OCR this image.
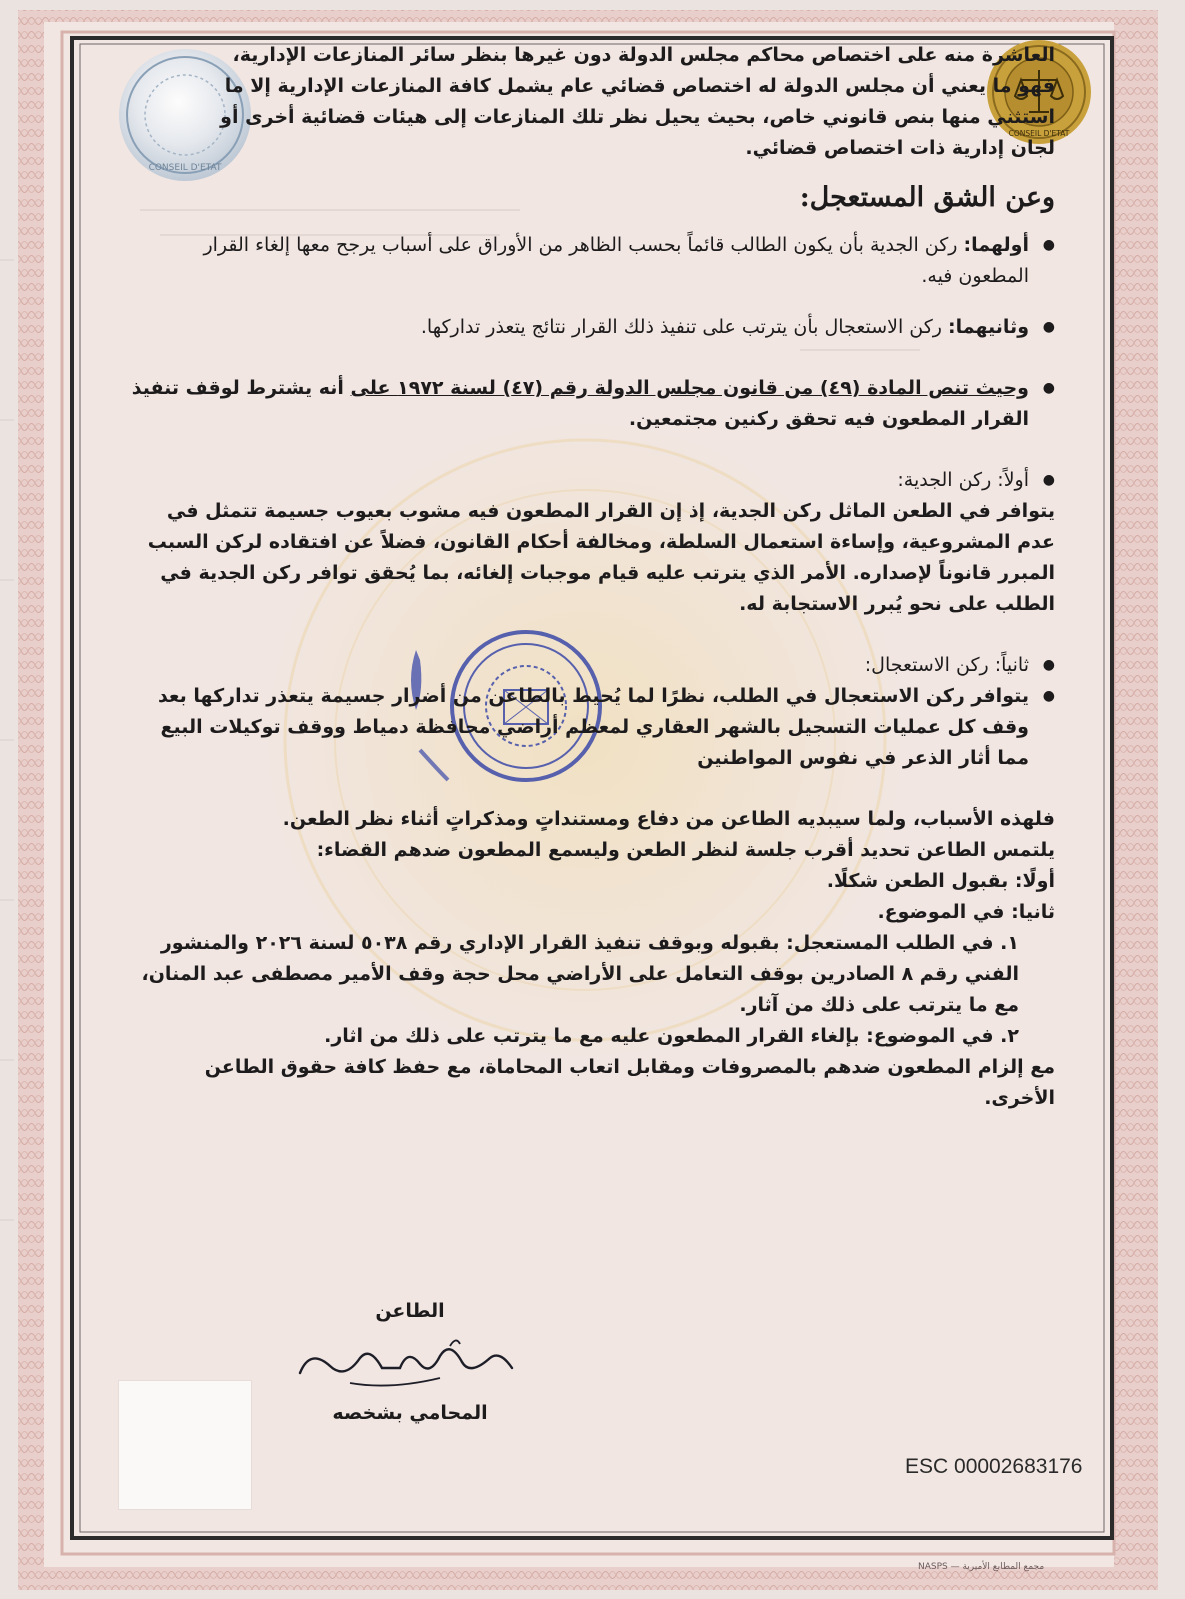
CONSEIL D'ETAT
CONSEIL D'ETAT

العاشرة منه على اختصاص محاكم مجلس الدولة دون غيرها بنظر سائر المنازعات الإدارية،

فهو ما يعني أن مجلس الدولة له اختصاص قضائي عام يشمل كافة المنازعات الإدارية إلا ما

استثني منها بنص قانوني خاص، بحيث يحيل نظر تلك المنازعات إلى هيئات قضائية أخرى أو

لجان إدارية ذات اختصاص قضائي.

وعن الشق المستعجل:

● أولهما: ركن الجدية بأن يكون الطالب قائماً بحسب الظاهر من الأوراق على أسباب يرجح معها إلغاء القرار المطعون فيه.

● وثانيهما: ركن الاستعجال بأن يترتب على تنفيذ ذلك القرار نتائج يتعذر تداركها.

● وحيث تنص المادة (٤٩) من قانون مجلس الدولة رقم (٤٧) لسنة ١٩٧٢ على أنه يشترط لوقف تنفيذ القرار المطعون فيه تحقق ركنين مجتمعين.

● أولاً: ركن الجدية:

يتوافر في الطعن الماثل ركن الجدية، إذ إن القرار المطعون فيه مشوب بعيوب جسيمة تتمثل في عدم المشروعية، وإساءة استعمال السلطة، ومخالفة أحكام القانون، فضلاً عن افتقاده لركن السبب المبرر قانوناً لإصداره. الأمر الذي يترتب عليه قيام موجبات إلغائه، بما يُحقق توافر ركن الجدية في الطلب على نحو يُبرر الاستجابة له.

● ثانياً: ركن الاستعجال:

● يتوافر ركن الاستعجال في الطلب، نظرًا لما يُحيط بالطاعن من أضرار جسيمة يتعذر تداركها بعد وقف كل عمليات التسجيل بالشهر العقاري لمعظم أراضي محافظة دمياط ووقف توكيلات البيع مما أثار الذعر في نفوس المواطنين

فلهذه الأسباب، ولما سيبديه الطاعن من دفاع ومستنداتٍ ومذكراتٍ أثناء نظر الطعن.

يلتمس الطاعن تحديد أقرب جلسة لنظر الطعن وليسمع المطعون ضدهم القضاء:

أولًا: بقبول الطعن شكلًا.

ثانيا: في الموضوع.

١. في الطلب المستعجل: بقبوله وبوقف تنفيذ القرار الإداري رقم ٥٠٣٨ لسنة ٢٠٢٦ والمنشور الفني رقم ٨ الصادرين بوقف التعامل على الأراضي محل حجة وقف الأمير مصطفى عبد المنان، مع ما يترتب على ذلك من آثار.

٢. في الموضوع: بإلغاء القرار المطعون عليه مع ما يترتب على ذلك من اثار.

مع إلزام المطعون ضدهم بالمصروفات ومقابل اتعاب المحاماة، مع حفظ كافة حقوق الطاعن الأخرى.

الطاعن
المحامي بشخصه
ESC 00002683176
مجمع المطابع الأميرية — NASPS
